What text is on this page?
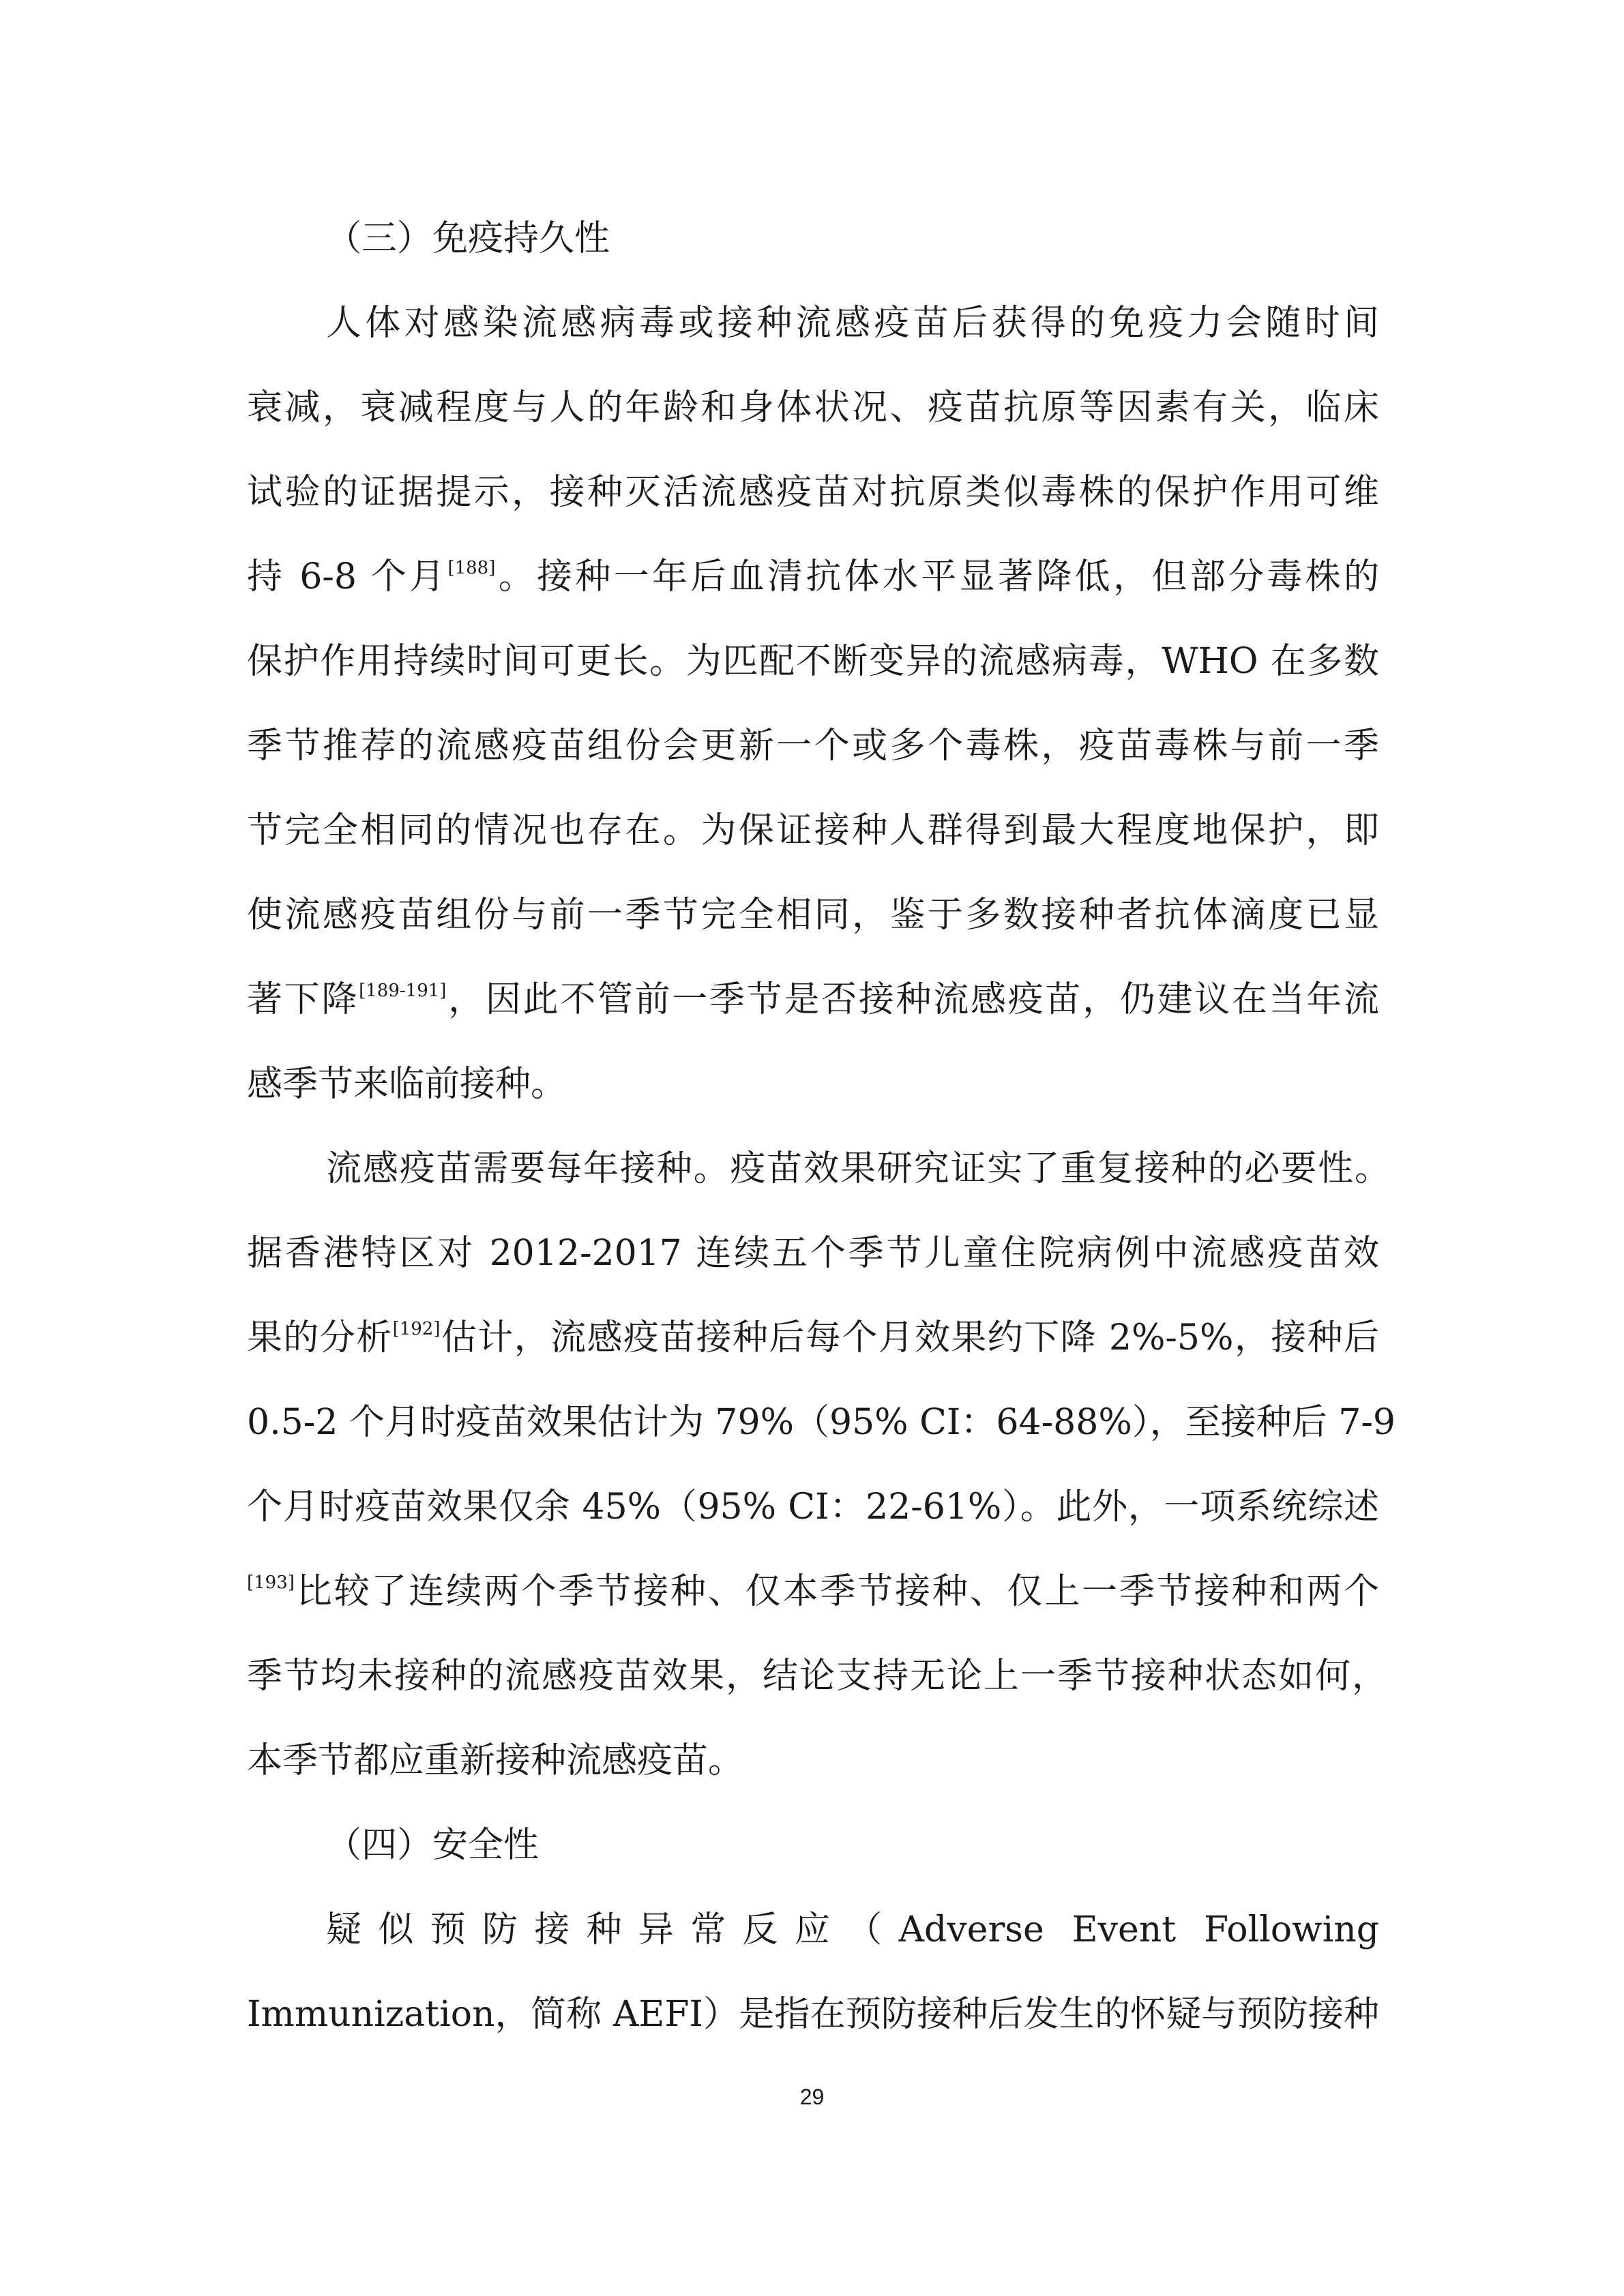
（三）免疫持久性
人体对感染流感病毒或接种流感疫苗后获得的免疫力会随时间
衰减，衰减程度与人的年龄和身体状况、疫苗抗原等因素有关，临床
试验的证据提示，接种灭活流感疫苗对抗原类似毒株的保护作用可维
持 6-8 个月[188]。接种一年后血清抗体水平显著降低，但部分毒株的
保护作用持续时间可更长。为匹配不断变异的流感病毒，WHO 在多数
季节推荐的流感疫苗组份会更新一个或多个毒株，疫苗毒株与前一季
节完全相同的情况也存在。为保证接种人群得到最大程度地保护，即
使流感疫苗组份与前一季节完全相同，鉴于多数接种者抗体滴度已显
著下降[189-191]，因此不管前一季节是否接种流感疫苗，仍建议在当年流
感季节来临前接种。
流感疫苗需要每年接种。疫苗效果研究证实了重复接种的必要性。
据香港特区对 2012-2017 连续五个季节儿童住院病例中流感疫苗效
果的分析[192]估计，流感疫苗接种后每个月效果约下降 2%-5%，接种后
0.5-2 个月时疫苗效果估计为 79%（95% CI：64-88%），至接种后 7-9
个月时疫苗效果仅余 45%（95% CI：22-61%）。此外，一项系统综述
[193]比较了连续两个季节接种、仅本季节接种、仅上一季节接种和两个
季节均未接种的流感疫苗效果，结论支持无论上一季节接种状态如何，
本季节都应重新接种流感疫苗。
（四）安全性
疑似预防接种异常反应（Adverse Event Following
Immunization，简称 AEFI）是指在预防接种后发生的怀疑与预防接种
29
